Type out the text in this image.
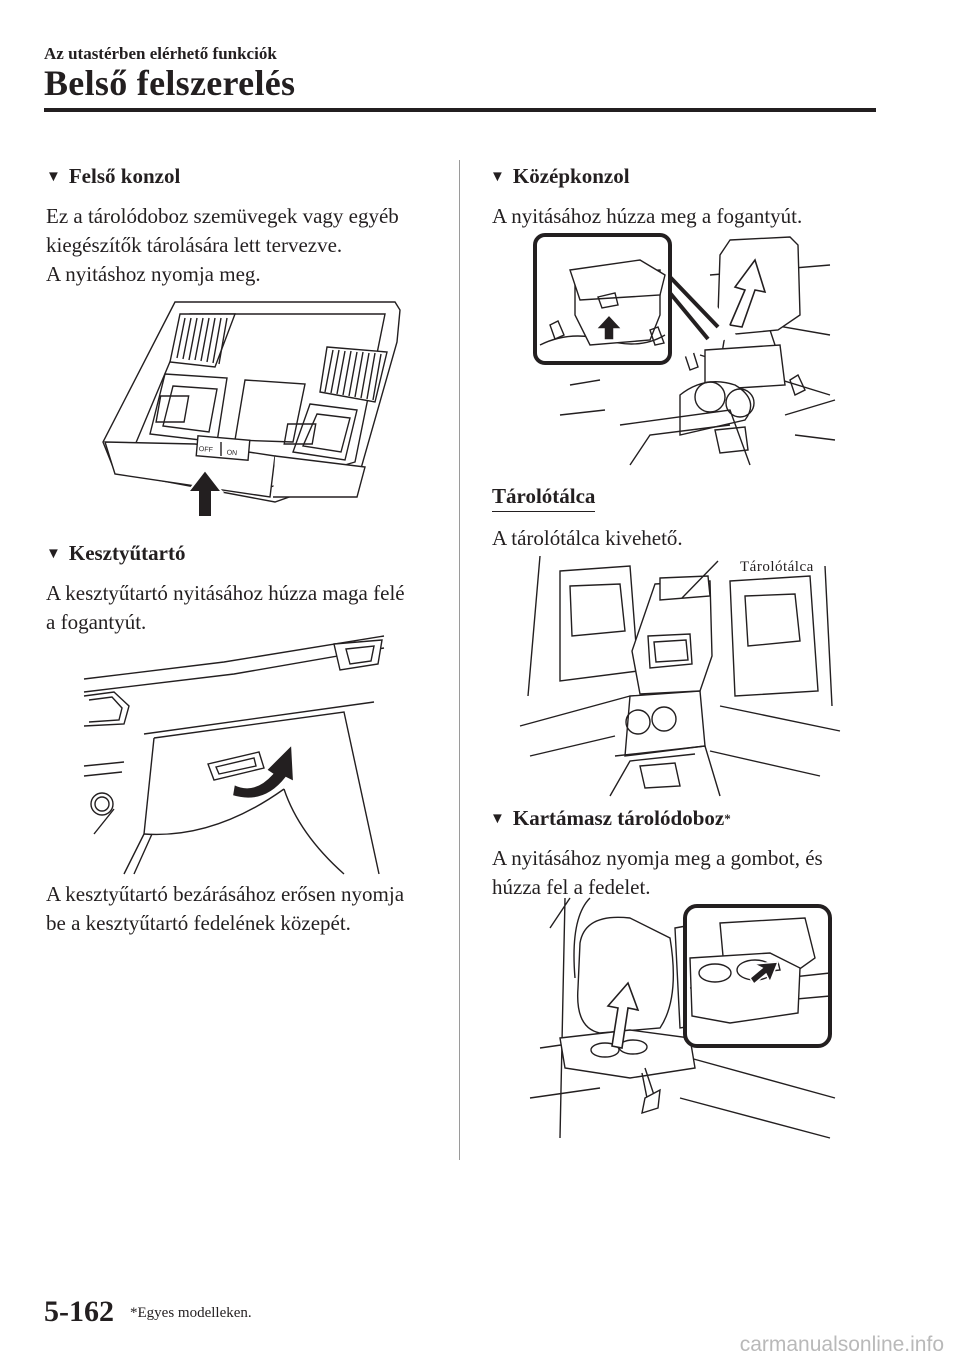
Az utastérben elérhető funkciók
Belső felszerelés
▼ Felső konzol
Ez a tárolódoboz szemüvegek vagy egyéb
kiegészítők tárolására lett tervezve.
A nyitáshoz nyomja meg.
OFF ON
▼ Kesztyűtartó
A kesztyűtartó nyitásához húzza maga felé
a fogantyút.
A kesztyűtartó bezárásához erősen nyomja
be a kesztyűtartó fedelének közepét.
▼ Középkonzol
A nyitásához húzza meg a fogantyút.
Tárolótálca
A tárolótálca kivehető.
Tárolótálca
▼ Kartámasz tárolódoboz *
A nyitásához nyomja meg a gombot, és
húzza fel a fedelet.
5-162 *Egyes modelleken.
carmanualsonline.info
